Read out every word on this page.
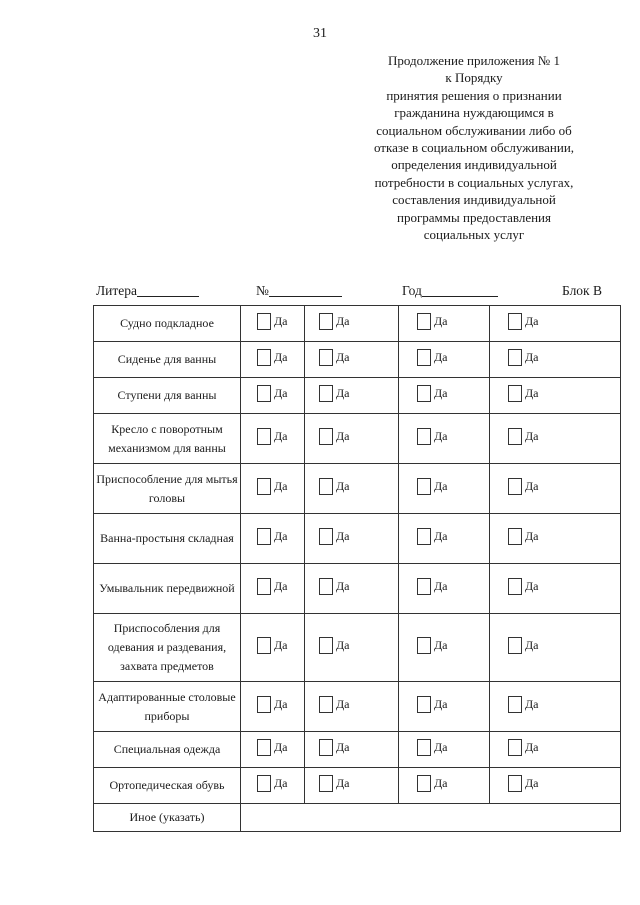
31
Продолжение приложения № 1
к Порядку
принятия решения о признании
гражданина нуждающимся в
социальном обслуживании либо об
отказе в социальном обслуживании,
определения индивидуальной
потребности в социальных услугах,
составления индивидуальной
программы предоставления
социальных услуг
Литера	№	Год	Блок В
Судно подкладное	Да	Да	Да	Да

Сиденье для ванны	Да	Да	Да	Да

Ступени для ванны	Да	Да	Да	Да

Кресло с поворотным механизмом для ванны	Да	Да	Да	Да

Приспособление для мытья головы	Да	Да	Да	Да

Ванна-простыня складная	Да	Да	Да	Да

Умывальник передвижной	Да	Да	Да	Да

Приспособления для одевания и раздевания, захвата предметов	Да	Да	Да	Да

Адаптированные столовые приборы	Да	Да	Да	Да

Специальная одежда	Да	Да	Да	Да

Ортопедическая обувь	Да	Да	Да	Да

Иное (указать)				
